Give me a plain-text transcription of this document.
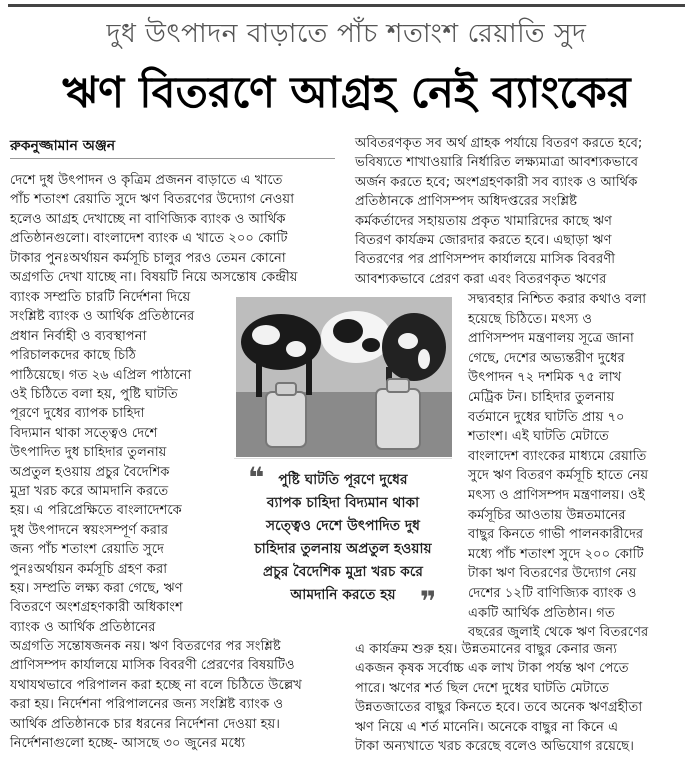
দুধ উৎপাদন বাড়াতে পাঁচ শতাংশ রেয়াতি সুদ
ঋণ বিতরণে আগ্রহ নেই ব্যাংকের
রুকনুজ্জামান অঞ্জন
দেশে দুধ উৎপাদন ও কৃত্রিম প্রজনন বাড়াতে এ খাতে
পাঁচ শতাংশ রেয়াতি সুদে ঋণ বিতরণের উদ্যোগ নেওয়া
হলেও আগ্রহ দেখাচ্ছে না বাণিজ্যিক ব্যাংক ও আর্থিক
প্রতিষ্ঠানগুলো। বাংলাদেশ ব্যাংক এ খাতে ২০০ কোটি
টাকার পুনঃঅর্থায়ন কর্মসূচি চালুর পরও তেমন কোনো
অগ্রগতি দেখা যাচ্ছে না। বিষয়টি নিয়ে অসন্তোষ কেন্দ্রীয়
ব্যাংক সম্প্রতি চারটি নির্দেশনা দিয়ে
সংশ্লিষ্ট ব্যাংক ও আর্থিক প্রতিষ্ঠানের
প্রধান নির্বাহী ও ব্যবস্থাপনা
পরিচালকদের কাছে চিঠি
পাঠিয়েছে। গত ২৬ এপ্রিল পাঠানো
ওই চিঠিতে বলা হয়, পুষ্টি ঘাটতি
পূরণে দুধের ব্যাপক চাহিদা
বিদ্যমান থাকা সত্ত্বেও দেশে
উৎপাদিত দুধ চাহিদার তুলনায়
অপ্রতুল হওয়ায় প্রচুর বৈদেশিক
মুদ্রা খরচ করে আমদানি করতে
হয়। এ পরিপ্রেক্ষিতে বাংলাদেশকে
দুধ উৎপাদনে স্বয়ংসম্পূর্ণ করার
জন্য পাঁচ শতাংশ রেয়াতি সুদে
পুনঃঅর্থায়ন কর্মসূচি গ্রহণ করা
হয়। সম্প্রতি লক্ষ্য করা গেছে, ঋণ
বিতরণে অংশগ্রহণকারী অধিকাংশ
ব্যাংক ও আর্থিক প্রতিষ্ঠানের
অগ্রগতি সন্তোষজনক নয়। ঋণ বিতরণের পর সংশ্লিষ্ট
প্রাণিসম্পদ কার্যালয়ে মাসিক বিবরণী প্রেরণের বিষয়টিও
যথাযথভাবে পরিপালন করা হচ্ছে না বলে চিঠিতে উল্লেখ
করা হয়। নির্দেশনা পরিপালনের জন্য সংশ্লিষ্ট ব্যাংক ও
আর্থিক প্রতিষ্ঠানকে চার ধরনের নির্দেশনা দেওয়া হয়।
নির্দেশনাগুলো হচ্ছে- আসছে ৩০ জুনের মধ্যে
অবিতরণকৃত সব অর্থ গ্রাহক পর্যায়ে বিতরণ করতে হবে;
ভবিষ্যতে শাখাওয়ারি নির্ধারিত লক্ষ্যমাত্রা আবশ্যকভাবে
অর্জন করতে হবে; অংশগ্রহণকারী সব ব্যাংক ও আর্থিক
প্রতিষ্ঠানকে প্রাণিসম্পদ অধিদপ্তরের সংশ্লিষ্ট
কর্মকর্তাদের সহায়তায় প্রকৃত খামারিদের কাছে ঋণ
বিতরণ কার্যক্রম জোরদার করতে হবে। এছাড়া ঋণ
বিতরণের পর প্রাণিসম্পদ কার্যালয়ে মাসিক বিবরণী
আবশ্যকভাবে প্রেরণ করা এবং বিতরণকৃত ঋণের
সদ্ব্যবহার নিশ্চিত করার কথাও বলা
হয়েছে চিঠিতে। মৎস্য ও
প্রাণিসম্পদ মন্ত্রণালয় সূত্রে জানা
গেছে, দেশের অভ্যন্তরীণ দুধের
উৎপাদন ৭২ দশমিক ৭৫ লাখ
মেট্রিক টন। চাহিদার তুলনায়
বর্তমানে দুধের ঘাটতি প্রায় ৭০
শতাংশ। এই ঘাটতি মেটাতে
বাংলাদেশ ব্যাংকের মাধ্যমে রেয়াতি
সুদে ঋণ বিতরণ কর্মসূচি হাতে নেয়
মৎস্য ও প্রাণিসম্পদ মন্ত্রণালয়। ওই
কর্মসূচির আওতায় উন্নতমানের
বাছুর কিনতে গাভী পালনকারীদের
মধ্যে পাঁচ শতাংশ সুদে ২০০ কোটি
টাকা ঋণ বিতরণের উদ্যোগ নেয়
দেশের ১২টি বাণিজ্যিক ব্যাংক ও
একটি আর্থিক প্রতিষ্ঠান। গত
বছরের জুলাই থেকে ঋণ বিতরণের
এ কার্যক্রম শুরু হয়। উন্নতমানের বাছুর কেনার জন্য
একজন কৃষক সর্বোচ্চ এক লাখ টাকা পর্যন্ত ঋণ পেতে
পারে। ঋণের শর্ত ছিল দেশে দুধের ঘাটতি মেটাতে
উন্নতজাতের বাছুর কিনতে হবে। তবে অনেক ঋণগ্রহীতা
ঋণ নিয়ে এ শর্ত মানেনি। অনেকে বাছুর না কিনে এ
টাকা অন্যখাতে খরচ করেছে বলেও অভিযোগ রয়েছে।
❝ পুষ্টি ঘাটতি পূরণে দুধের
ব্যাপক চাহিদা বিদ্যমান থাকা
সত্ত্বেও দেশে উৎপাদিত দুধ
চাহিদার তুলনায় অপ্রতুল হওয়ায়
প্রচুর বৈদেশিক মুদ্রা খরচ করে
আমদানি করতে হয় ❞
